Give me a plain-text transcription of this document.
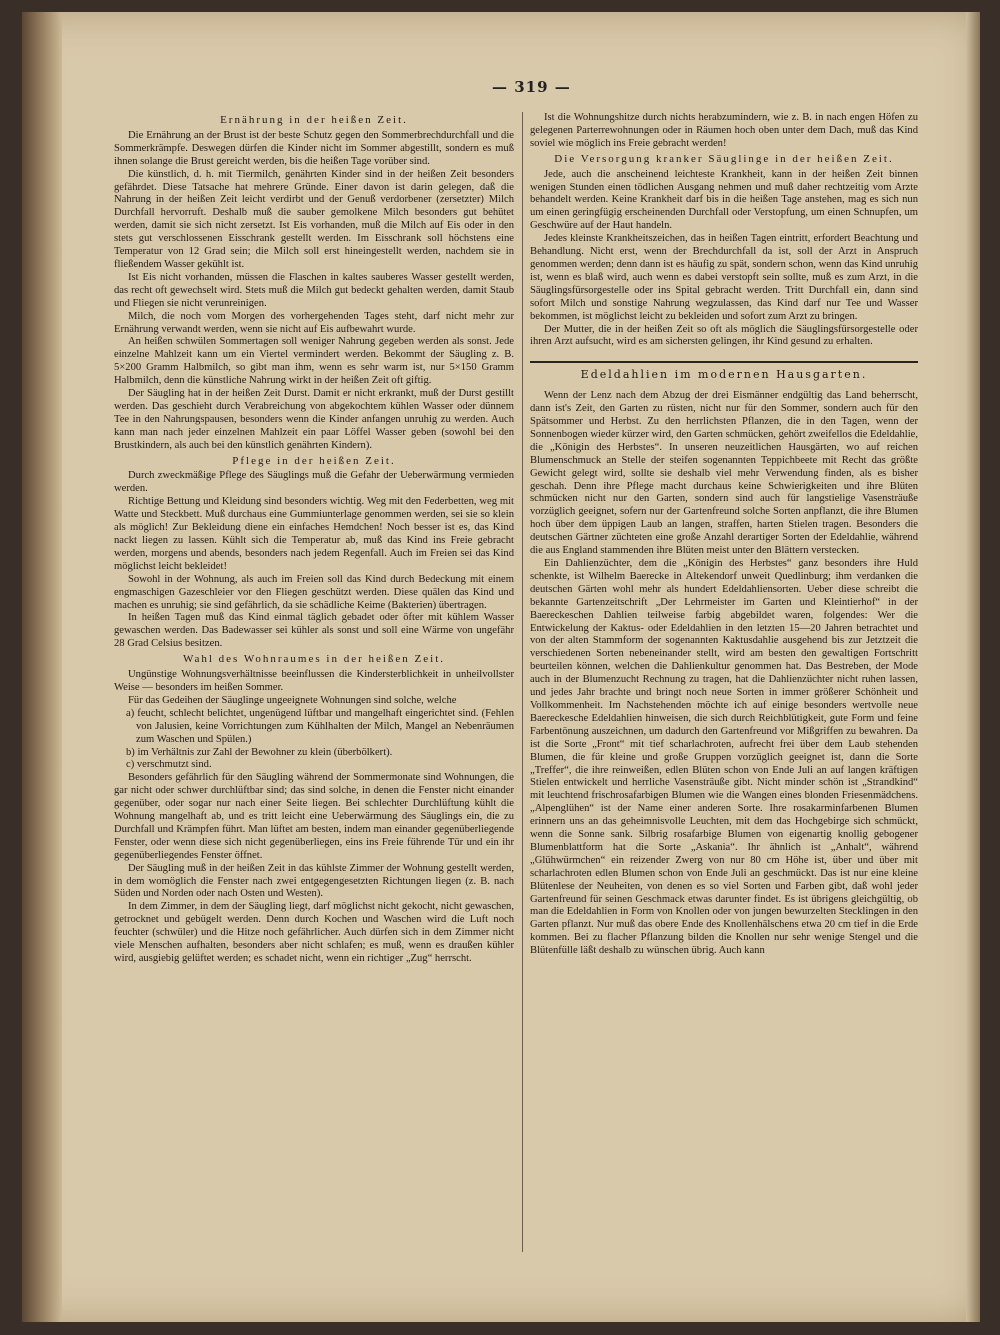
— 319 —
Ernährung in der heißen Zeit.

Die Ernährung an der Brust ist der beste Schutz gegen den Sommerbrechdurchfall und die Sommerkrämpfe. Deswegen dürfen die Kinder nicht im Sommer abgestillt, sondern es muß ihnen solange die Brust gereicht werden, bis die heißen Tage vorüber sind.

Die künstlich, d. h. mit Tiermilch, genährten Kinder sind in der heißen Zeit besonders gefährdet. Diese Tatsache hat mehrere Gründe. Einer davon ist darin gelegen, daß die Nahrung in der heißen Zeit leicht verdirbt und der Genuß verdorbener (zersetzter) Milch Durchfall hervorruft. Deshalb muß die sauber gemolkene Milch besonders gut behütet werden, damit sie sich nicht zersetzt. Ist Eis vorhanden, muß die Milch auf Eis oder in den stets gut verschlossenen Eisschrank gestellt werden. Im Eisschrank soll höchstens eine Temperatur von 12 Grad sein; die Milch soll erst hineingestellt werden, nachdem sie in fließendem Wasser gekühlt ist.

Ist Eis nicht vorhanden, müssen die Flaschen in kaltes sauberes Wasser gestellt werden, das recht oft gewechselt wird. Stets muß die Milch gut bedeckt gehalten werden, damit Staub und Fliegen sie nicht verunreinigen.

Milch, die noch vom Morgen des vorhergehenden Tages steht, darf nicht mehr zur Ernährung verwandt werden, wenn sie nicht auf Eis aufbewahrt wurde.

An heißen schwülen Sommertagen soll weniger Nahrung gegeben werden als sonst. Jede einzelne Mahlzeit kann um ein Viertel vermindert werden. Bekommt der Säugling z. B. 5×200 Gramm Halbmilch, so gibt man ihm, wenn es sehr warm ist, nur 5×150 Gramm Halbmilch, denn die künstliche Nahrung wirkt in der heißen Zeit oft giftig.

Der Säugling hat in der heißen Zeit Durst. Damit er nicht erkrankt, muß der Durst gestillt werden. Das geschieht durch Verabreichung von abgekochtem kühlen Wasser oder dünnem Tee in den Nahrungspausen, besonders wenn die Kinder anfangen unruhig zu werden. Auch kann man nach jeder einzelnen Mahlzeit ein paar Löffel Wasser geben (sowohl bei den Brustkindern, als auch bei den künstlich genährten Kindern).

Pflege in der heißen Zeit.

Durch zweckmäßige Pflege des Säuglings muß die Gefahr der Ueberwärmung vermieden werden.

Richtige Bettung und Kleidung sind besonders wichtig. Weg mit den Federbetten, weg mit Watte und Steckbett. Muß durchaus eine Gummiunterlage genommen werden, sei sie so klein als möglich! Zur Bekleidung diene ein einfaches Hemdchen! Noch besser ist es, das Kind nackt liegen zu lassen. Kühlt sich die Temperatur ab, muß das Kind ins Freie gebracht werden, morgens und abends, besonders nach jedem Regenfall. Auch im Freien sei das Kind möglichst leicht bekleidet!

Sowohl in der Wohnung, als auch im Freien soll das Kind durch Bedeckung mit einem engmaschigen Gazeschleier vor den Fliegen geschützt werden. Diese quälen das Kind und machen es unruhig; sie sind gefährlich, da sie schädliche Keime (Bakterien) übertragen.

In heißen Tagen muß das Kind einmal täglich gebadet oder öfter mit kühlem Wasser gewaschen werden. Das Badewasser sei kühler als sonst und soll eine Wärme von ungefähr 28 Grad Celsius besitzen.

Wahl des Wohnraumes in der heißen Zeit.

Ungünstige Wohnungsverhältnisse beeinflussen die Kindersterblichkeit in unheilvollster Weise — besonders im heißen Sommer.

Für das Gedeihen der Säuglinge ungeeignete Wohnungen sind solche, welche

a) feucht, schlecht belichtet, ungenügend lüftbar und mangelhaft eingerichtet sind. (Fehlen von Jalusien, keine Vorrichtungen zum Kühlhalten der Milch, Mangel an Nebenräumen zum Waschen und Spülen.)
b) im Verhältnis zur Zahl der Bewohner zu klein (überbölkert).
c) verschmutzt sind.

Besonders gefährlich für den Säugling während der Sommermonate sind Wohnungen, die gar nicht oder schwer durchlüftbar sind; das sind solche, in denen die Fenster nicht einander gegenüber, oder sogar nur nach einer Seite liegen. Bei schlechter Durchlüftung kühlt die Wohnung mangelhaft ab, und es tritt leicht eine Ueberwärmung des Säuglings ein, die zu Durchfall und Krämpfen führt. Man lüftet am besten, indem man einander gegenüberliegende Fenster, oder wenn diese sich nicht gegenüberliegen, eins ins Freie führende Tür und ein ihr gegenüberliegendes Fenster öffnet.

Der Säugling muß in der heißen Zeit in das kühlste Zimmer der Wohnung gestellt werden, in dem womöglich die Fenster nach zwei entgegengesetzten Richtungen liegen (z. B. nach Süden und Norden oder nach Osten und Westen).

In dem Zimmer, in dem der Säugling liegt, darf möglichst nicht gekocht, nicht gewaschen, getrocknet und gebügelt werden. Denn durch Kochen und Waschen wird die Luft noch feuchter (schwüler) und die Hitze noch gefährlicher. Auch dürfen sich in dem Zimmer nicht viele Menschen aufhalten, besonders aber nicht schlafen; es muß, wenn es draußen kühler wird, ausgiebig gelüftet werden; es schadet nicht, wenn ein richtiger „Zug“ herrscht.

Ist die Wohnungshitze durch nichts herabzumindern, wie z. B. in nach engen Höfen zu gelegenen Parterrewohnungen oder in Räumen hoch oben unter dem Dach, muß das Kind soviel wie möglich ins Freie gebracht werden!

Die Versorgung kranker Säuglinge in der heißen Zeit.

Jede, auch die anscheinend leichteste Krankheit, kann in der heißen Zeit binnen wenigen Stunden einen tödlichen Ausgang nehmen und muß daher rechtzeitig vom Arzte behandelt werden. Keine Krankheit darf bis in die heißen Tage anstehen, mag es sich nun um einen geringfügig erscheinenden Durchfall oder Verstopfung, um einen Schnupfen, um Geschwüre auf der Haut handeln.

Jedes kleinste Krankheitszeichen, das in heißen Tagen eintritt, erfordert Beachtung und Behandlung. Nicht erst, wenn der Brechdurchfall da ist, soll der Arzt in Anspruch genommen werden; denn dann ist es häufig zu spät, sondern schon, wenn das Kind unruhig ist, wenn es blaß wird, auch wenn es dabei verstopft sein sollte, muß es zum Arzt, in die Säuglingsfürsorgestelle oder ins Spital gebracht werden. Tritt Durchfall ein, dann sind sofort Milch und sonstige Nahrung wegzulassen, das Kind darf nur Tee und Wasser bekommen, ist möglichst leicht zu bekleiden und sofort zum Arzt zu bringen.

Der Mutter, die in der heißen Zeit so oft als möglich die Säuglingsfürsorgestelle oder ihren Arzt aufsucht, wird es am sichersten gelingen, ihr Kind gesund zu erhalten.

Edeldahlien im modernen Hausgarten.

Wenn der Lenz nach dem Abzug der drei Eismänner endgültig das Land beherrscht, dann ist's Zeit, den Garten zu rüsten, nicht nur für den Sommer, sondern auch für den Spätsommer und Herbst. Zu den herrlichsten Pflanzen, die in den Tagen, wenn der Sonnenbogen wieder kürzer wird, den Garten schmücken, gehört zweifellos die Edeldahlie, die „Königin des Herbstes“. In unseren neuzeitlichen Hausgärten, wo auf reichen Blumenschmuck an Stelle der steifen sogenannten Teppichbeete mit Recht das größte Gewicht gelegt wird, sollte sie deshalb viel mehr Verwendung finden, als es bisher geschah. Denn ihre Pflege macht durchaus keine Schwierigkeiten und ihre Blüten schmücken nicht nur den Garten, sondern sind auch für langstielige Vasensträuße vorzüglich geeignet, sofern nur der Gartenfreund solche Sorten anpflanzt, die ihre Blumen hoch über dem üppigen Laub an langen, straffen, harten Stielen tragen. Besonders die deutschen Gärtner züchteten eine große Anzahl derartiger Sorten der Edeldahlie, während die aus England stammenden ihre Blüten meist unter den Blättern verstecken.

Ein Dahlienzüchter, dem die „Königin des Herbstes“ ganz besonders ihre Huld schenkte, ist Wilhelm Baerecke in Altekendorf unweit Quedlinburg; ihm verdanken die deutschen Gärten wohl mehr als hundert Edeldahliensorten. Ueber diese schreibt die bekannte Gartenzeitschrift „Der Lehrmeister im Garten und Kleintierhof“ in der Baereckeschen Dahlien teilweise farbig abgebildet waren, folgendes: Wer die Entwickelung der Kaktus- oder Edeldahlien in den letzten 15—20 Jahren betrachtet und von der alten Stammform der sogenannten Kaktusdahlie ausgehend bis zur Jetztzeit die verschiedenen Sorten nebeneinander stellt, wird am besten den gewaltigen Fortschritt beurteilen können, welchen die Dahlienkultur genommen hat. Das Bestreben, der Mode auch in der Blumenzucht Rechnung zu tragen, hat die Dahlienzüchter nicht ruhen lassen, und jedes Jahr brachte und bringt noch neue Sorten in immer größerer Schönheit und Vollkommenheit. Im Nachstehenden möchte ich auf einige besonders wertvolle neue Baereckesche Edeldahlien hinweisen, die sich durch Reichblütigkeit, gute Form und feine Farbentönung auszeichnen, um dadurch den Gartenfreund vor Mißgriffen zu bewahren. Da ist die Sorte „Front“ mit tief scharlachroten, aufrecht frei über dem Laub stehenden Blumen, die für kleine und große Gruppen vorzüglich geeignet ist, dann die Sorte „Treffer“, die ihre reinweißen, edlen Blüten schon von Ende Juli an auf langen kräftigen Stielen entwickelt und herrliche Vasensträuße gibt. Nicht minder schön ist „Strandkind“ mit leuchtend frischrosafarbigen Blumen wie die Wangen eines blonden Friesenmädchens. „Alpenglühen“ ist der Name einer anderen Sorte. Ihre rosakarminfarbenen Blumen erinnern uns an das geheimnisvolle Leuchten, mit dem das Hochgebirge sich schmückt, wenn die Sonne sank. Silbrig rosafarbige Blumen von eigenartig knollig gebogener Blumenblattform hat die Sorte „Askania“. Ihr ähnlich ist „Anhalt“, während „Glühwürmchen“ ein reizender Zwerg von nur 80 cm Höhe ist, über und über mit scharlachroten edlen Blumen schon von Ende Juli an geschmückt. Das ist nur eine kleine Blütenlese der Neuheiten, von denen es so viel Sorten und Farben gibt, daß wohl jeder Gartenfreund für seinen Geschmack etwas darunter findet. Es ist übrigens gleichgültig, ob man die Edeldahlien in Form von Knollen oder von jungen bewurzelten Stecklingen in den Garten pflanzt. Nur muß das obere Ende des Knollenhälschens etwa 20 cm tief in die Erde kommen. Bei zu flacher Pflanzung bilden die Knollen nur sehr wenige Stengel und die Blütenfülle läßt deshalb zu wünschen übrig. Auch kann
